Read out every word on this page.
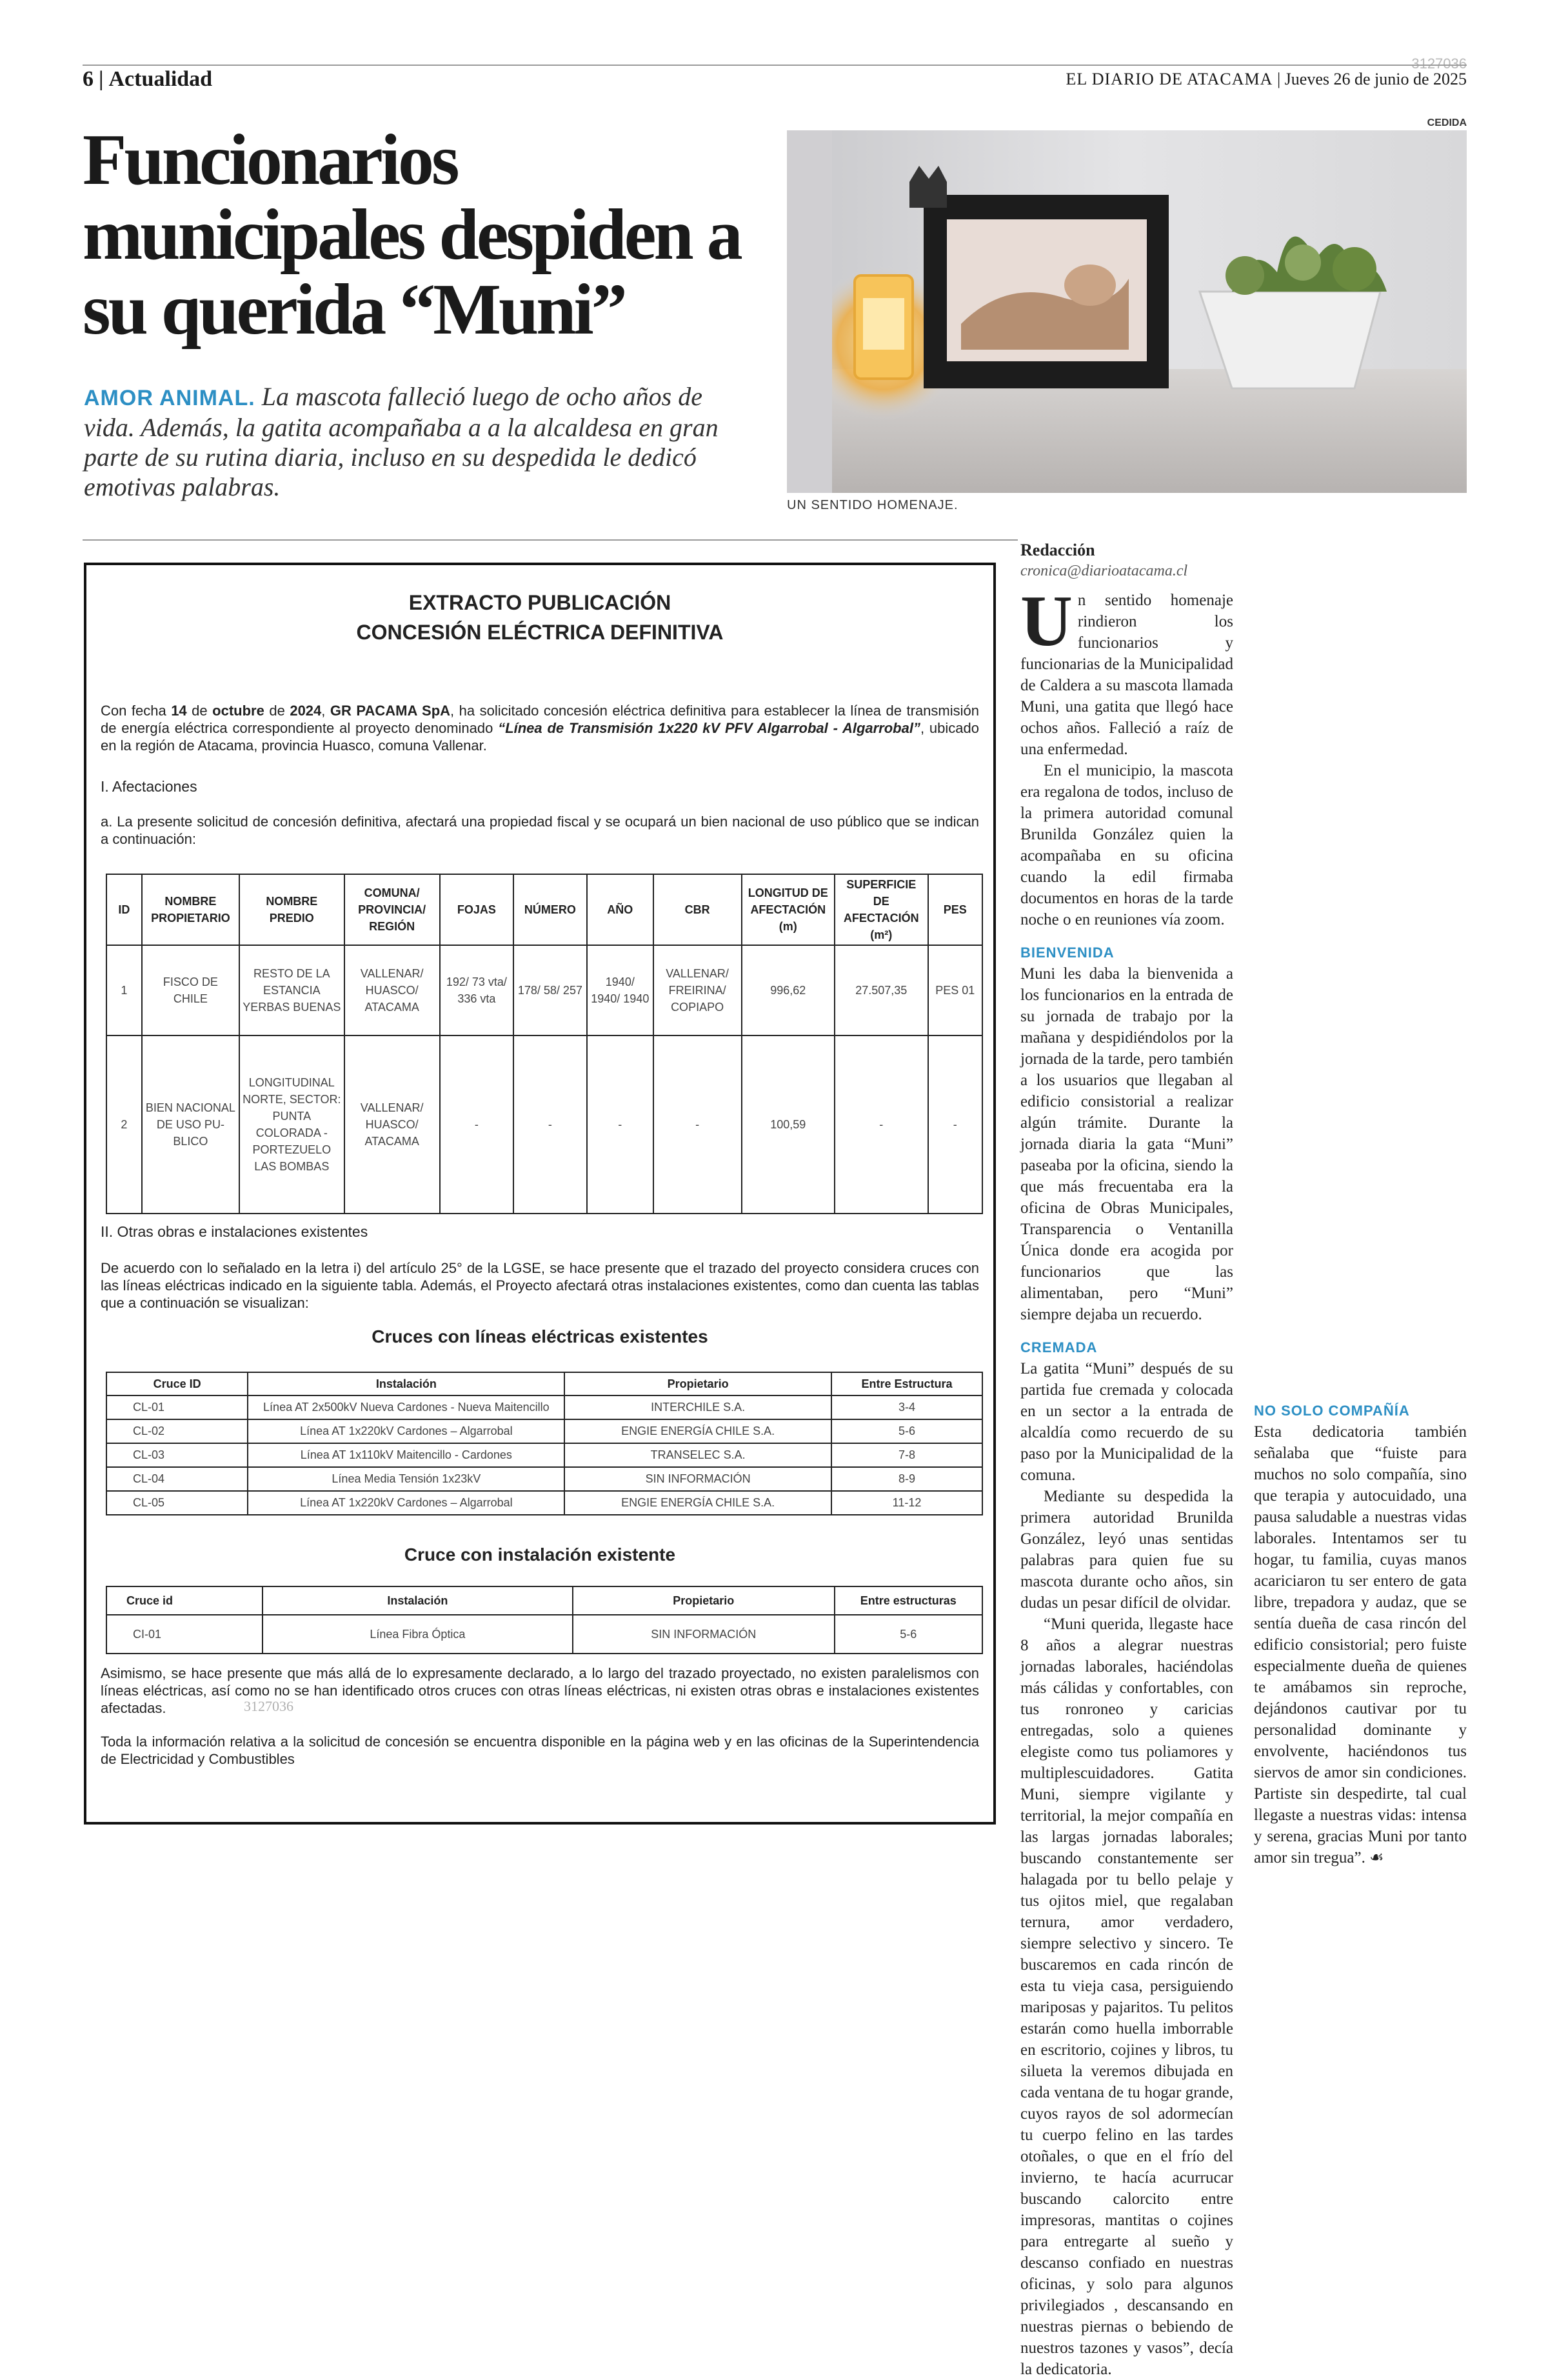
3127036
6 | Actualidad	EL DIARIO DE ATACAMA | Jueves 26 de junio de 2025
Funcionarios municipales despiden a su querida “Muni”
AMOR ANIMAL. La mascota falleció luego de ocho años de vida. Además, la gatita acompañaba a a la alcaldesa en gran parte de su rutina diaria, incluso en su despedida le dedicó emotivas palabras.
CEDIDA
UN SENTIDO HOMENAJE.
EXTRACTO PUBLICACIÓN
CONCESIÓN ELÉCTRICA DEFINITIVA
Con fecha 14 de octubre de 2024, GR PACAMA SpA, ha solicitado concesión eléctrica definitiva para establecer la línea de transmisión de energía eléctrica correspondiente al proyecto denominado “Línea de Transmisión 1x220 kV PFV Algarrobal - Algarrobal”, ubicado en la región de Atacama, provincia Huasco, comuna Vallenar.
I. Afectaciones
a. La presente solicitud de concesión definitiva, afectará una propiedad fiscal y se ocupará un bien nacional de uso público que se indican a continuación:
ID	NOMBRE PROPIETARIO	NOMBRE PREDIO	COMUNA/ PROVINCIA/ REGIÓN	FOJAS	NÚMERO	AÑO	CBR	LONGITUD DE AFECTACIÓN (m)	SUPERFICIE DE AFECTACIÓN (m²)	PES
1	FISCO DE CHILE	RESTO DE LA ESTANCIA YERBAS BUENAS	VALLENAR/ HUASCO/ ATACAMA	192/ 73 vta/ 336 vta	178/ 58/ 257	1940/ 1940/ 1940	VALLENAR/ FREIRINA/ COPIAPO	996,62	27.507,35	PES 01
2	BIEN NACIONAL DE USO PU-BLICO	LONGITUDINAL NORTE, SECTOR: PUNTA COLORADA - PORTEZUELO LAS BOMBAS	VALLENAR/ HUASCO/ ATACAMA	-	-	-	-	100,59	-	-
II. Otras obras e instalaciones existentes
De acuerdo con lo señalado en la letra i) del artículo 25° de la LGSE, se hace presente que el trazado del proyecto considera cruces con las líneas eléctricas indicado en la siguiente tabla. Además, el Proyecto afectará otras instalaciones existentes, como dan cuenta las tablas que a continuación se visualizan:
Cruces con líneas eléctricas existentes
Cruce ID	Instalación	Propietario	Entre Estructura
CL-01	Línea AT 2x500kV Nueva Cardones - Nueva Maitencillo	INTERCHILE S.A.	3-4
CL-02	Línea AT 1x220kV Cardones – Algarrobal	ENGIE ENERGÍA CHILE S.A.	5-6
CL-03	Línea AT 1x110kV Maitencillo - Cardones	TRANSELEC S.A.	7-8
CL-04	Línea Media Tensión 1x23kV	SIN INFORMACIÓN	8-9
CL-05	Línea AT 1x220kV Cardones – Algarrobal	ENGIE ENERGÍA CHILE S.A.	11-12
Cruce con instalación existente
Cruce id	Instalación	Propietario	Entre estructuras
CI-01	Línea Fibra Óptica	SIN INFORMACIÓN	5-6
Asimismo, se hace presente que más allá de lo expresamente declarado, a lo largo del trazado proyectado, no existen paralelismos con líneas eléctricas, así como no se han identificado otros cruces con otras líneas eléctricas, ni existen otras obras e instalaciones existentes afectadas.
Toda la información relativa a la solicitud de concesión se encuentra disponible en la página web y en las oficinas de la Superintendencia de Electricidad y Combustibles
3127036

Redacción

cronica@diarioatacama.cl

Un sentido homenaje rindieron los funcionarios y funcionarias de la Municipalidad de Caldera a su mascota llamada Muni, una gatita que llegó hace ochos años. Falleció a raíz de una enfermedad.

En el municipio, la mascota era regalona de todos, incluso de la primera autoridad comunal Brunilda González quien la acompañaba en su oficina cuando la edil firmaba documentos en horas de la tarde noche o en reuniones vía zoom.

BIENVENIDA

Muni les daba la bienvenida a los funcionarios en la entrada de su jornada de trabajo por la mañana y despidiéndolos por la jornada de la tarde, pero también a los usuarios que llegaban al edificio consistorial a realizar algún trámite. Durante la jornada diaria la gata “Muni” paseaba por la oficina, siendo la que más frecuentaba era la oficina de Obras Municipales, Transparencia o Ventanilla Única donde era acogida por funcionarios que las alimentaban, pero “Muni” siempre dejaba un recuerdo.

CREMADA

La gatita “Muni” después de su partida fue cremada y colocada en un sector a la entrada de alcaldía como recuerdo de su paso por la Municipalidad de la comuna.

Mediante su despedida la primera autoridad Brunilda González, leyó unas sentidas palabras para quien fue su mascota durante ocho años, sin dudas un pesar difícil de olvidar.

“Muni querida, llegaste hace 8 años a alegrar nuestras jornadas laborales, haciéndolas más cálidas y confortables, con tus ronroneo y caricias entregadas, solo a quienes elegiste como tus poliamores y multiplescuidadores. Gatita Muni, siempre vigilante y territorial, la mejor compañía en las largas jornadas laborales; buscando constantemente ser halagada por tu bello pelaje y tus ojitos miel, que regalaban ternura, amor verdadero, siempre selectivo y sincero. Te buscaremos en cada rincón de esta tu vieja casa, persiguiendo mariposas y pajaritos. Tu pelitos estarán como huella imborrable en escritorio, cojines y libros, tu silueta la veremos dibujada en cada ventana de tu hogar grande, cuyos rayos de sol adormecían tu cuerpo felino en las tardes otoñales, o que en el frío del invierno, te hacía acurrucar buscando calorcito entre impresoras, mantitas o cojines para entregarte al sueño y descanso confiado en nuestras oficinas, y solo para algunos privilegiados , descansando en nuestras piernas o bebiendo de nuestros tazones y vasos”, decía la dedicatoria.

NO SOLO COMPAÑÍA

Esta dedicatoria también señalaba que “fuiste para muchos no solo compañía, sino que terapia y autocuidado, una pausa saludable a nuestras vidas laborales. Intentamos ser tu hogar, tu familia, cuyas manos acariciaron tu ser entero de gata libre, trepadora y audaz, que se sentía dueña de casa rincón del edificio consistorial; pero fuiste especialmente dueña de quienes te amábamos sin reproche, dejándonos cautivar por tu personalidad dominante y envolvente, haciéndonos tus siervos de amor sin condiciones. Partiste sin despedirte, tal cual llegaste a nuestras vidas: intensa y serena, gracias Muni por tanto amor sin tregua”. ☙
